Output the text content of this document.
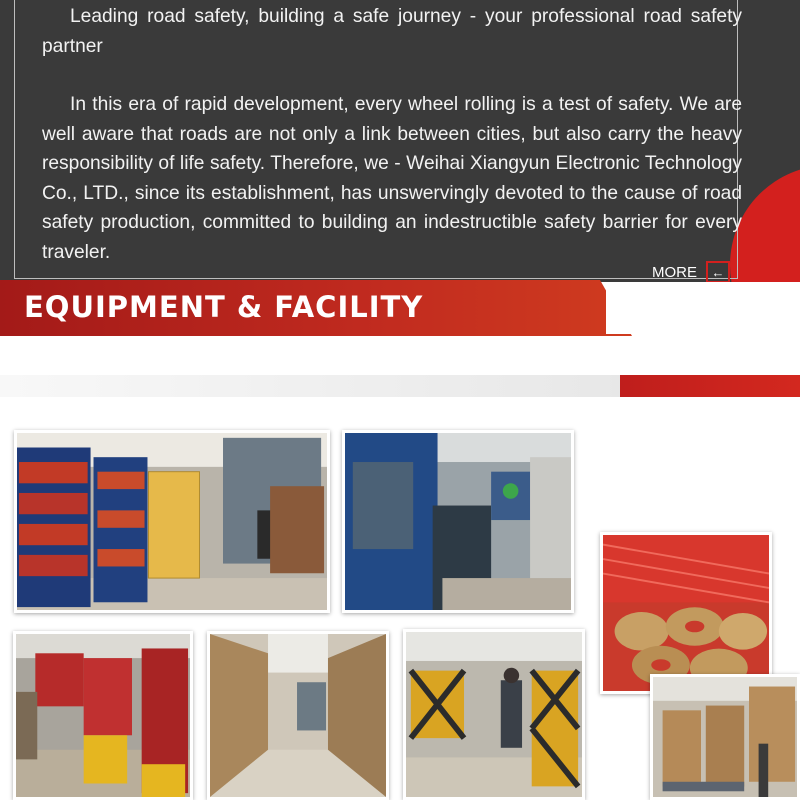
Leading road safety, building a safe journey - your professional road safety partner

In this era of rapid development, every wheel rolling is a test of safety. We are well aware that roads are not only a link between cities, but also carry the heavy responsibility of life safety. Therefore, we - Weihai Xiangyun Electronic Technology Co., LTD., since its establishment, has unswervingly devoted to the cause of road safety production, committed to building an indestructible safety barrier for every traveler.

MORE	←
EQUIPMENT & FACILITY
